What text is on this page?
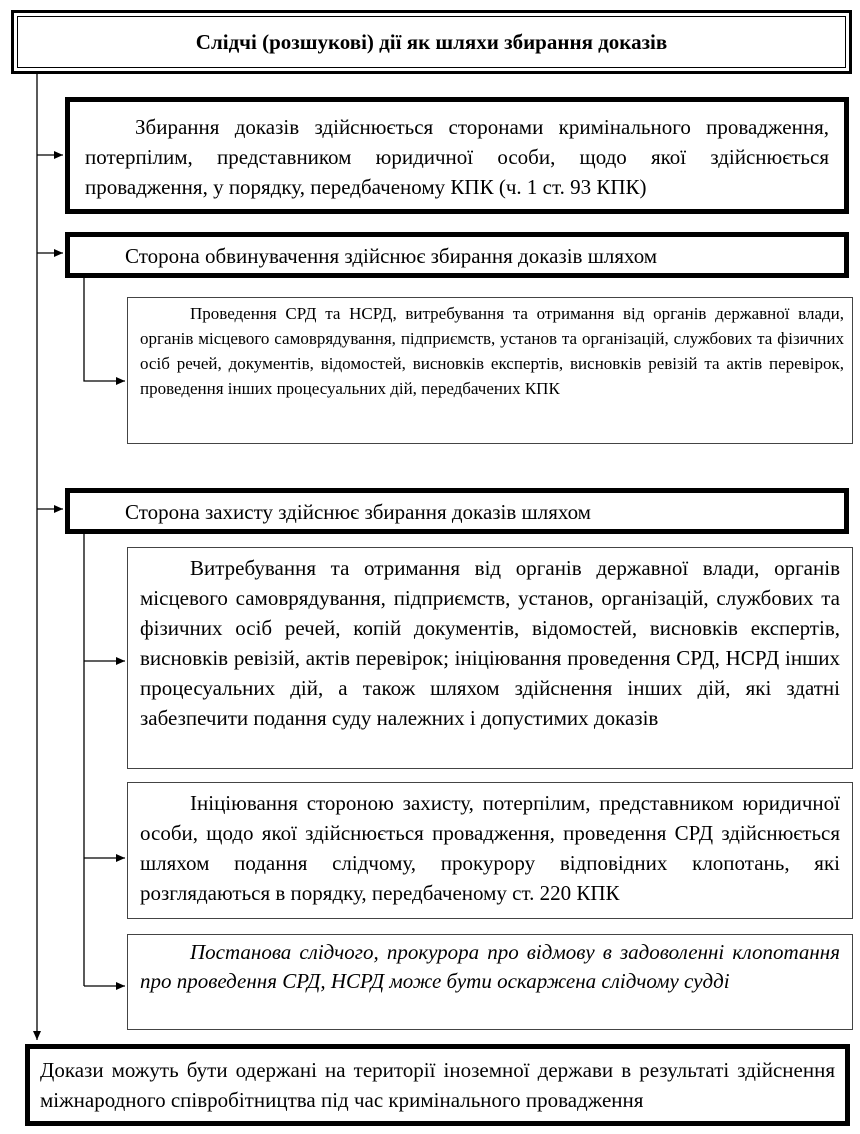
Слідчі (розшукові) дії як шляхи збирання доказів
Збирання доказів здійснюється сторонами кримінального провадження, потерпілим, представником юридичної особи, щодо якої здійснюється провадження, у порядку, передбаченому КПК (ч. 1 ст. 93 КПК)
Сторона обвинувачення здійснює збирання доказів шляхом
Проведення СРД та НСРД, витребування та отримання від органів державної влади, органів місцевого самоврядування, підприємств, установ та організацій, службових та фізичних осіб речей, документів, відомостей, висновків експертів, висновків ревізій та актів перевірок, проведення інших процесуальних дій, передбачених КПК
Сторона захисту здійснює збирання доказів шляхом
Витребування та отримання від органів державної влади, органів місцевого самоврядування, підприємств, установ, організацій, службових та фізичних осіб речей, копій документів, відомостей, висновків експертів, висновків ревізій, актів перевірок; ініціювання проведення СРД, НСРД інших процесуальних дій, а також шляхом здійснення інших дій, які здатні забезпечити подання суду належних і допустимих доказів
Ініціювання стороною захисту, потерпілим, представником юридичної особи, щодо якої здійснюється провадження, проведення СРД здійснюється шляхом подання слідчому, прокурору відповідних клопотань, які розглядаються в порядку, передбаченому ст. 220 КПК
Постанова слідчого, прокурора про відмову в задоволенні клопотання про проведення СРД, НСРД може бути оскаржена слідчому судді
Докази можуть бути одержані на території іноземної держави в результаті здійснення міжнародного співробітництва під час кримінального провадження
